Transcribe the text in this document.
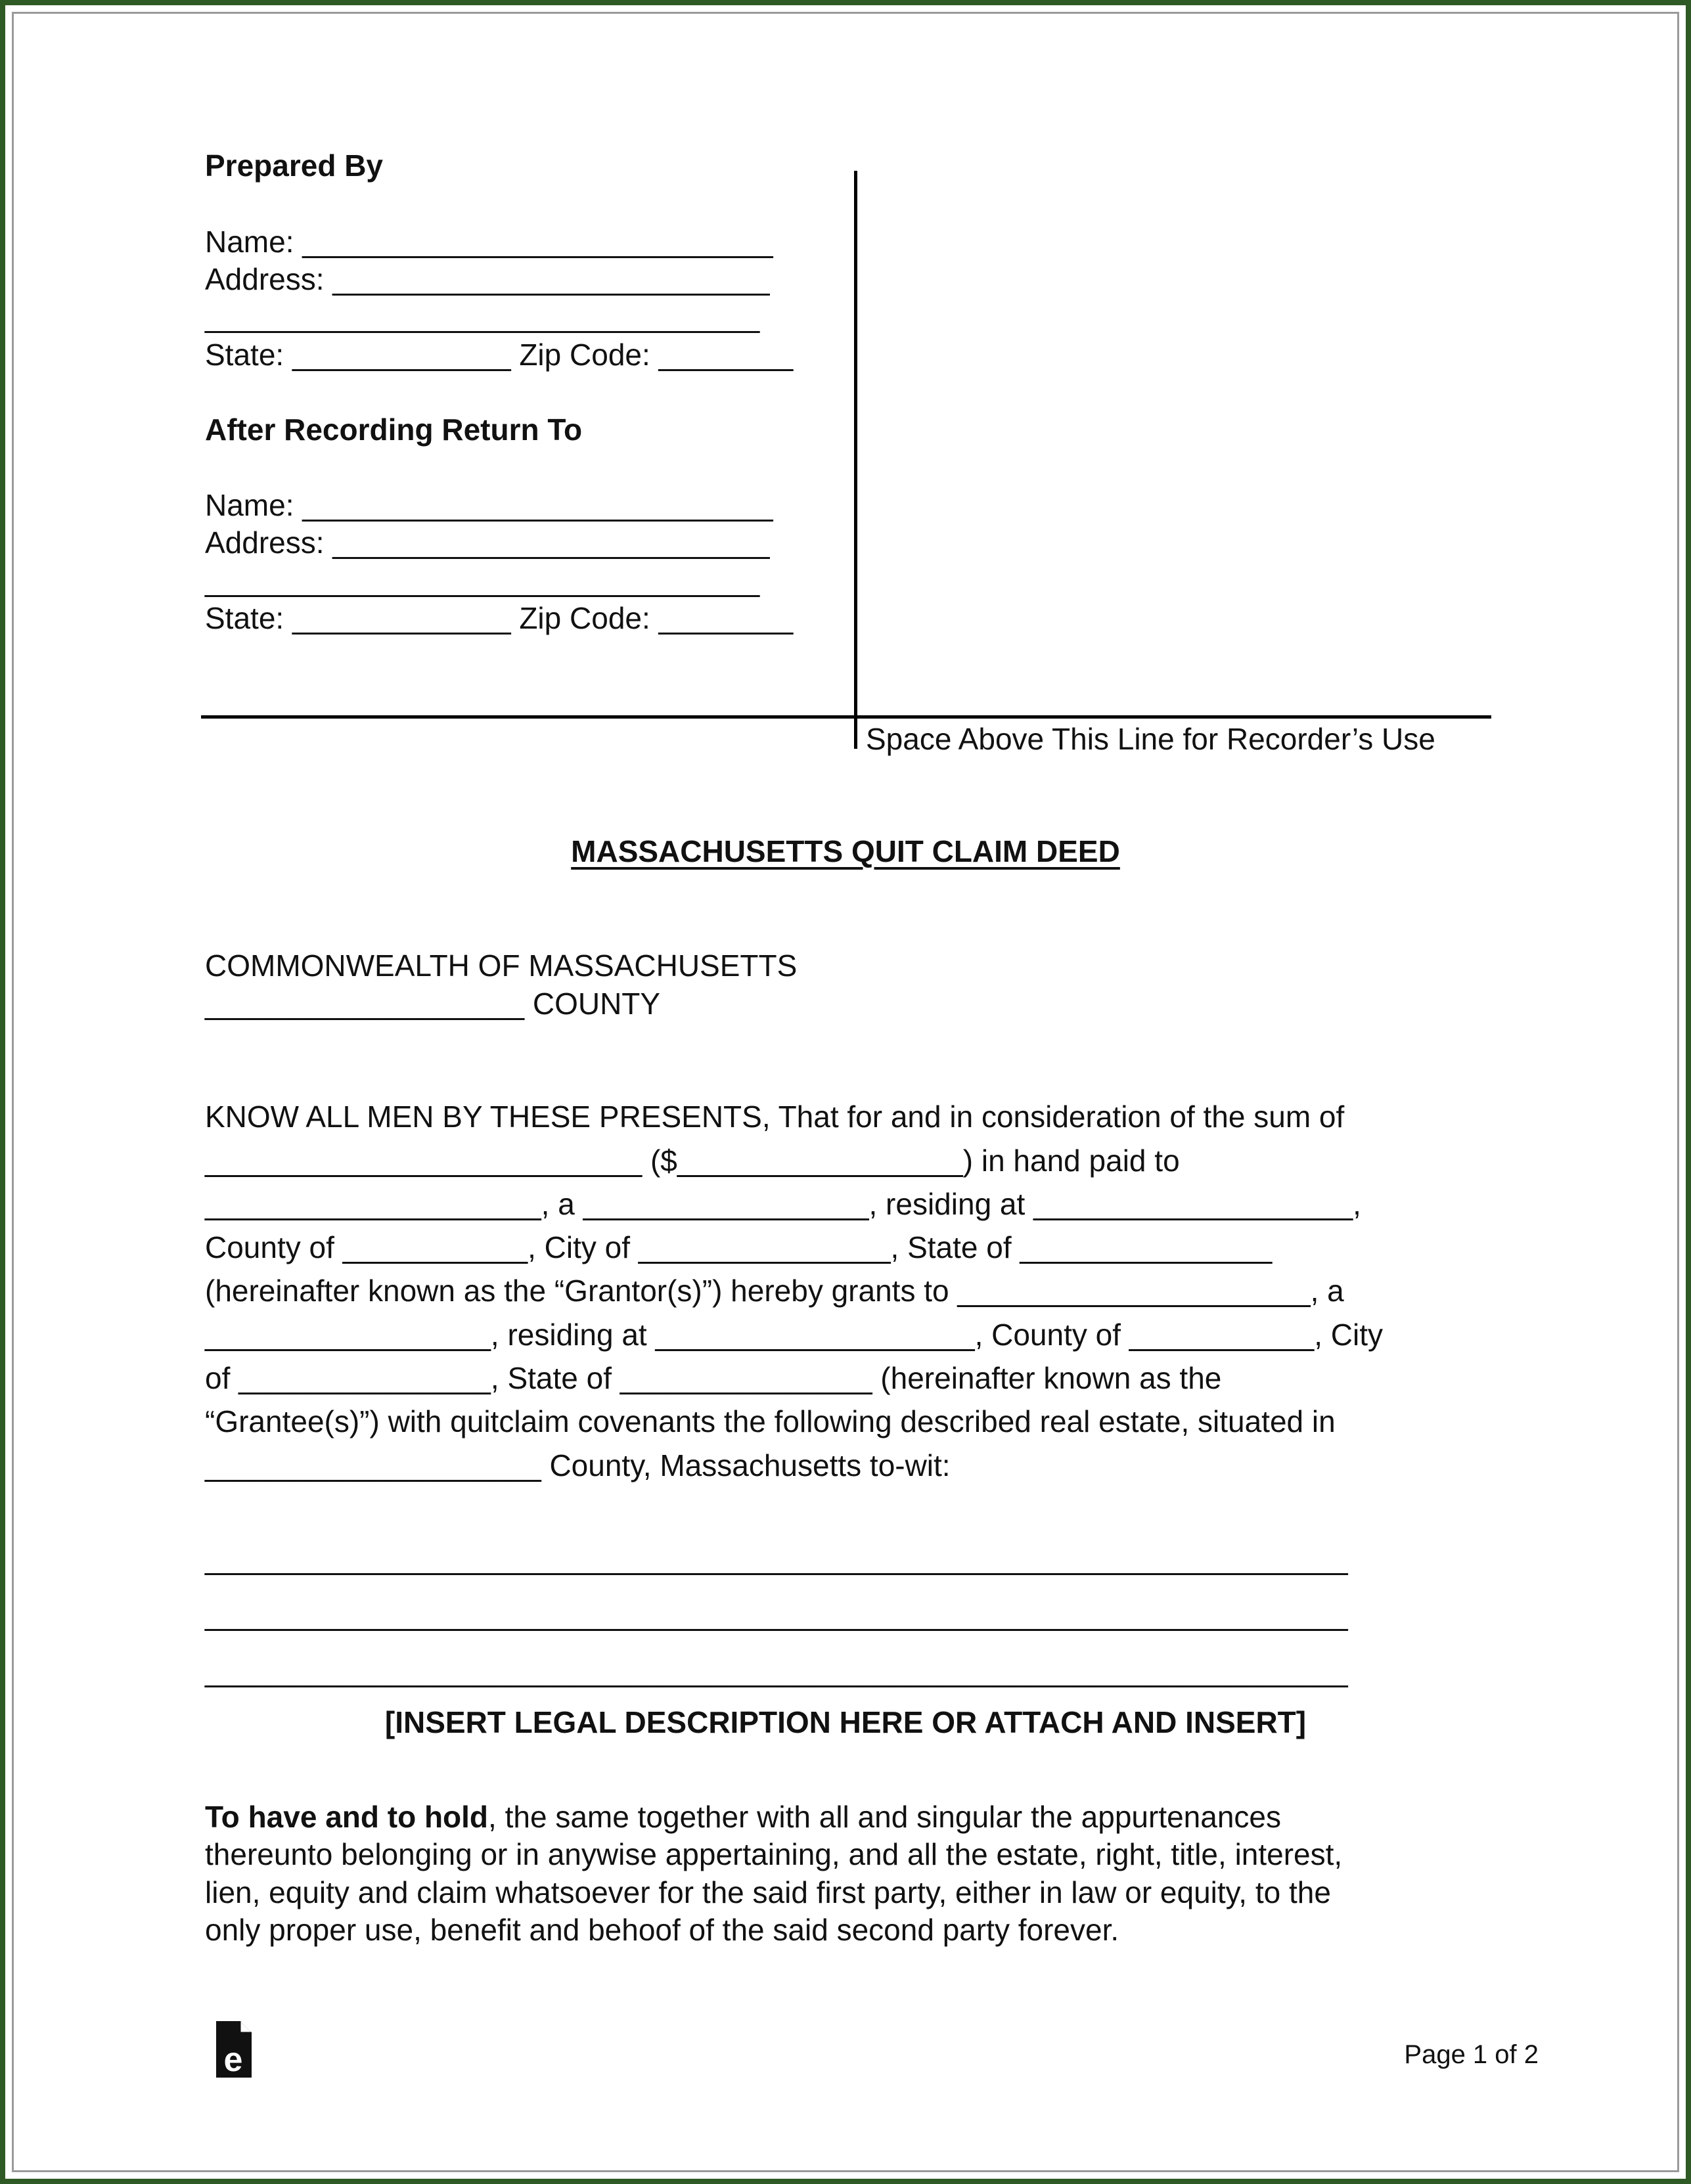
Prepared By
Name: ____________________________
Address: __________________________
_________________________________
State: _____________ Zip Code: ________
After Recording Return To
Name: ____________________________
Address: __________________________
_________________________________
State: _____________ Zip Code: ________
Space Above This Line for Recorder’s Use
MASSACHUSETTS QUIT CLAIM DEED
COMMONWEALTH OF MASSACHUSETTS
___________________ COUNTY
KNOW ALL MEN BY THESE PRESENTS, That for and in consideration of the sum of
__________________________ ($_________________) in hand paid to
____________________, a _________________, residing at ___________________,
County of ___________, City of _______________, State of _______________
(hereinafter known as the “Grantor(s)”) hereby grants to _____________________, a
_________________, residing at ___________________, County of ___________, City
of _______________, State of _______________ (hereinafter known as the
“Grantee(s)”) with quitclaim covenants the following described real estate, situated in
____________________ County, Massachusetts to-wit:
____________________________________________________________________
____________________________________________________________________
____________________________________________________________________
[INSERT LEGAL DESCRIPTION HERE OR ATTACH AND INSERT]
To have and to hold, the same together with all and singular the appurtenances
thereunto belonging or in anywise appertaining, and all the estate, right, title, interest,
lien, equity and claim whatsoever for the said first party, either in law or equity, to the
only proper use, benefit and behoof of the said second party forever.
e	Page 1 of 2
